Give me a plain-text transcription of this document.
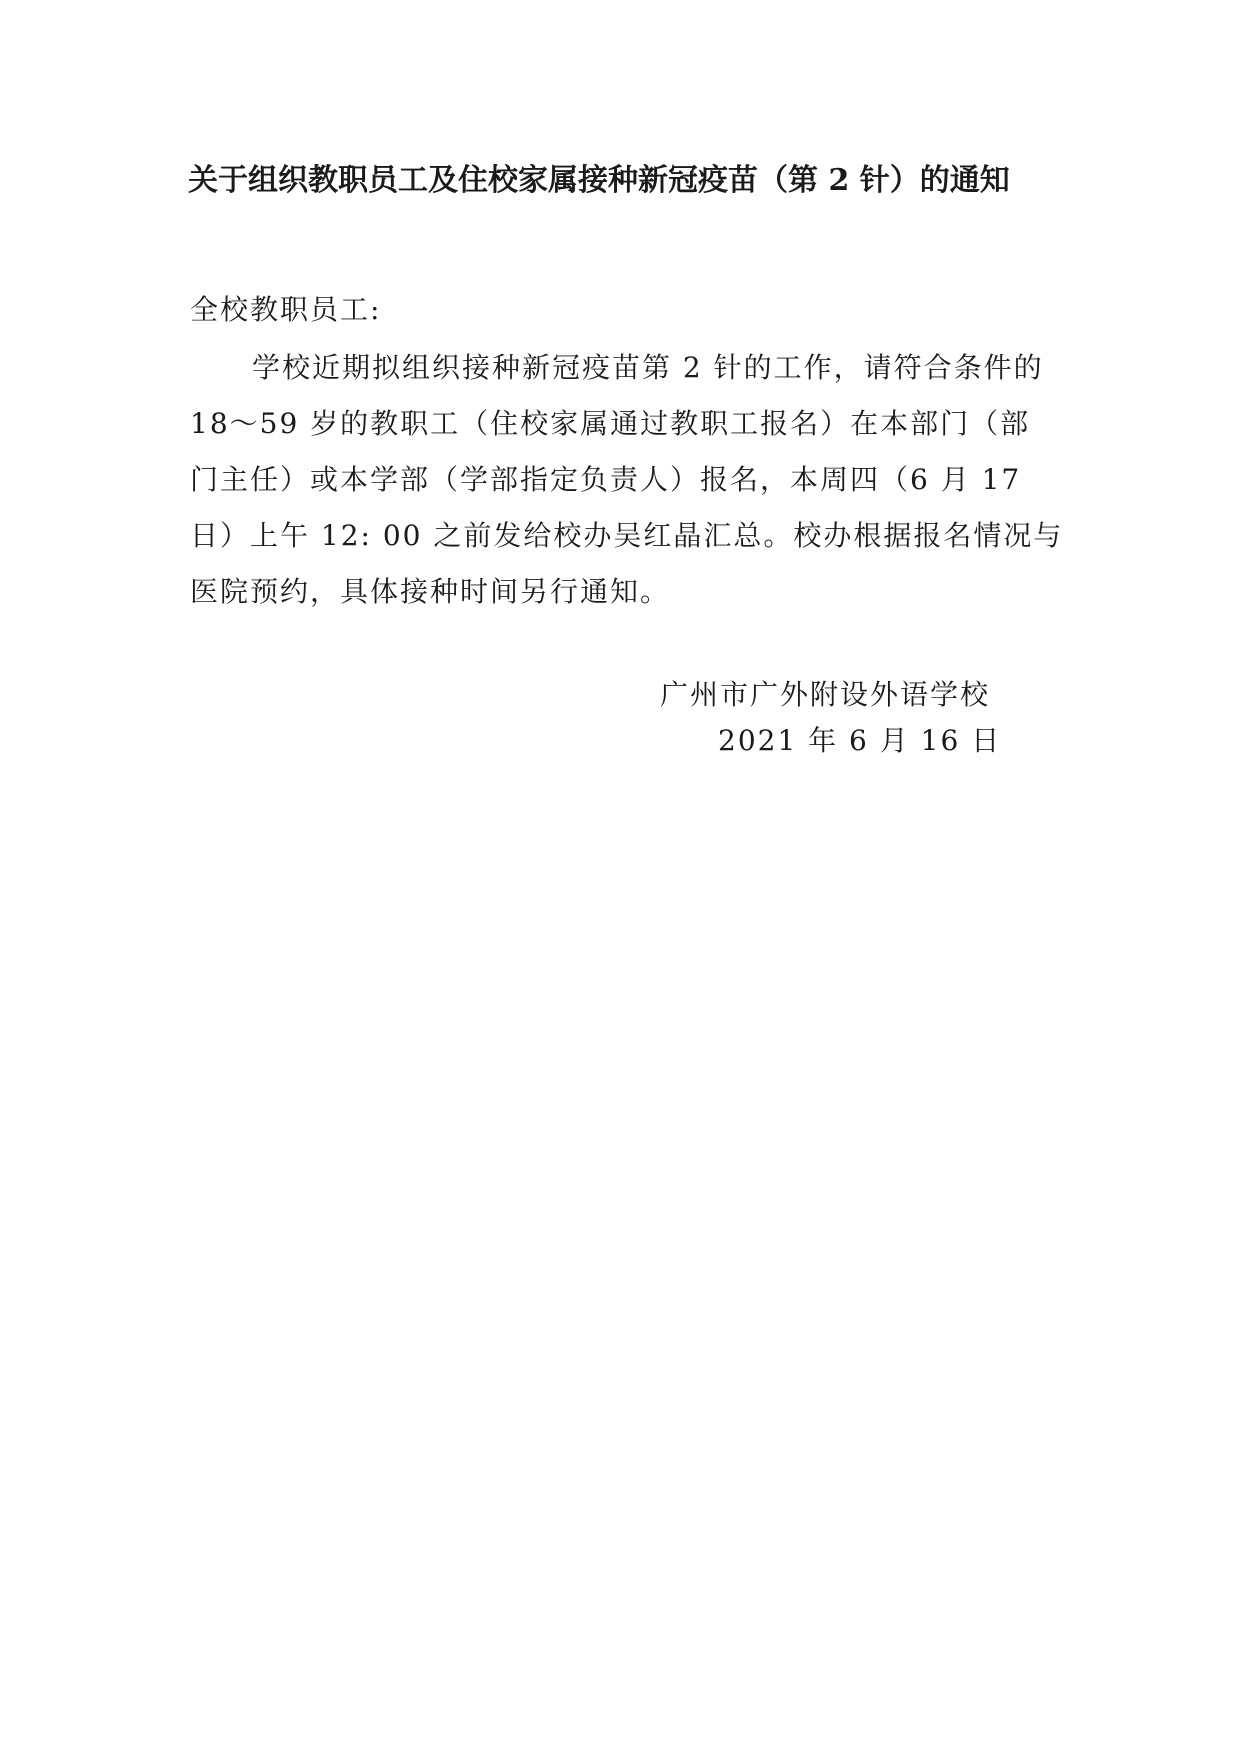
关于组织教职员工及住校家属接种新冠疫苗（第 2 针）的通知

全校教职员工:

学校近期拟组织接种新冠疫苗第 2 针的工作，请符合条件的

18～59 岁的教职工（住校家属通过教职工报名）在本部门（部

门主任）或本学部（学部指定负责人）报名，本周四（6 月 17

日）上午 12: 00 之前发给校办吴红晶汇总。校办根据报名情况与

医院预约，具体接种时间另行通知。

广州市广外附设外语学校

2021 年 6 月 16 日
